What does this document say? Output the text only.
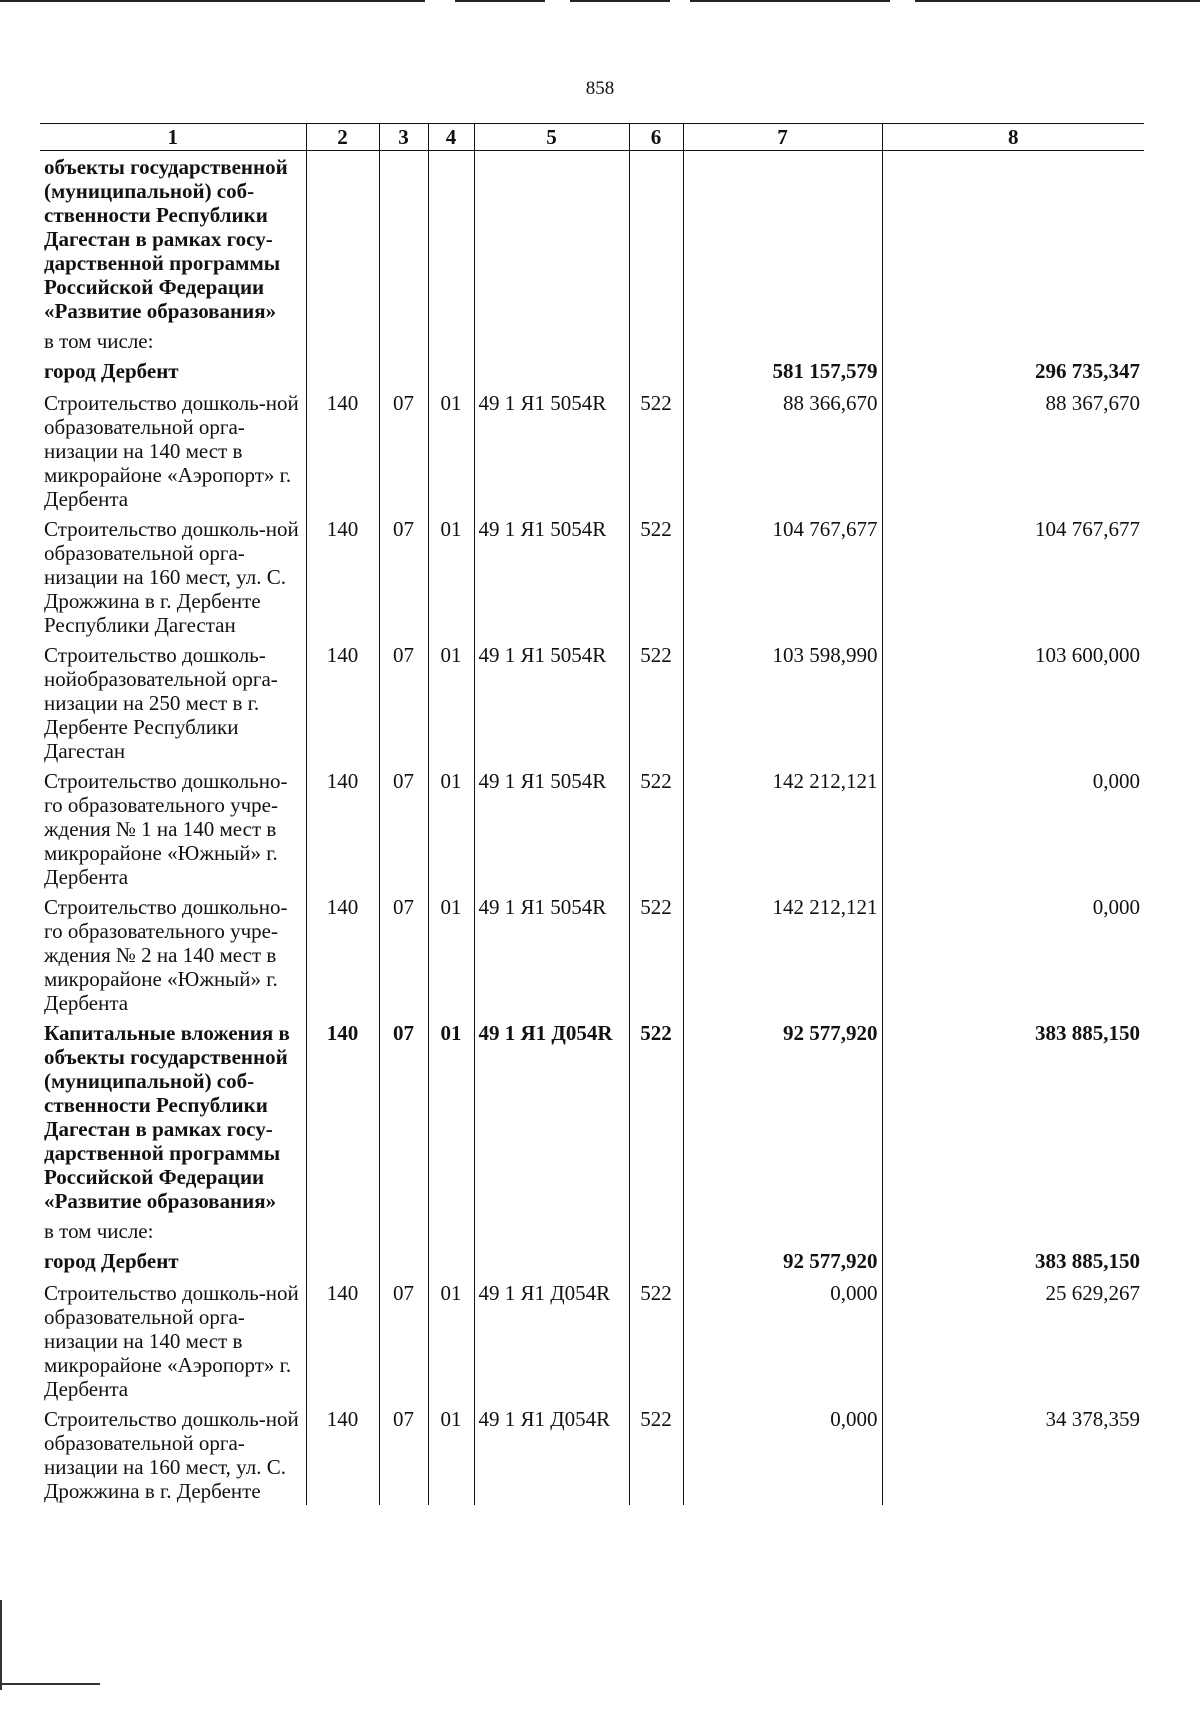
858
1	2	3	4	5	6	7	8
объекты государственной (муниципальной) соб-ственности Республики Дагестан в рамках госу-дарственной программы Российской Федерации «Развитие образования»							
в том числе:							
город Дербент						581 157,579	296 735,347
Строительство дошколь-ной образовательной орга-низации на 140 мест в микрорайоне «Аэропорт» г. Дербента	140	07	01	49 1 Я1 5054R	522	88 366,670	88 367,670
Строительство дошколь-ной образовательной орга-низации на 160 мест, ул. С. Дрожжина в г. Дербенте Республики Дагестан	140	07	01	49 1 Я1 5054R	522	104 767,677	104 767,677
Строительство дошколь-нойобразовательной орга-низации на 250 мест в г. Дербенте Республики Дагестан	140	07	01	49 1 Я1 5054R	522	103 598,990	103 600,000
Строительство дошкольно-го образовательного учре-ждения № 1 на 140 мест в микрорайоне «Южный» г. Дербента	140	07	01	49 1 Я1 5054R	522	142 212,121	0,000
Строительство дошкольно-го образовательного учре-ждения № 2 на 140 мест в микрорайоне «Южный» г. Дербента	140	07	01	49 1 Я1 5054R	522	142 212,121	0,000
Капитальные вложения в объекты государственной (муниципальной) соб-ственности Республики Дагестан в рамках госу-дарственной программы Российской Федерации «Развитие образования»	140	07	01	49 1 Я1 Д054R	522	92 577,920	383 885,150
в том числе:							
город Дербент						92 577,920	383 885,150
Строительство дошколь-ной образовательной орга-низации на 140 мест в микрорайоне «Аэропорт» г. Дербента	140	07	01	49 1 Я1 Д054R	522	0,000	25 629,267
Строительство дошколь-ной образовательной орга-низации на 160 мест, ул. С. Дрожжина в г. Дербенте	140	07	01	49 1 Я1 Д054R	522	0,000	34 378,359
